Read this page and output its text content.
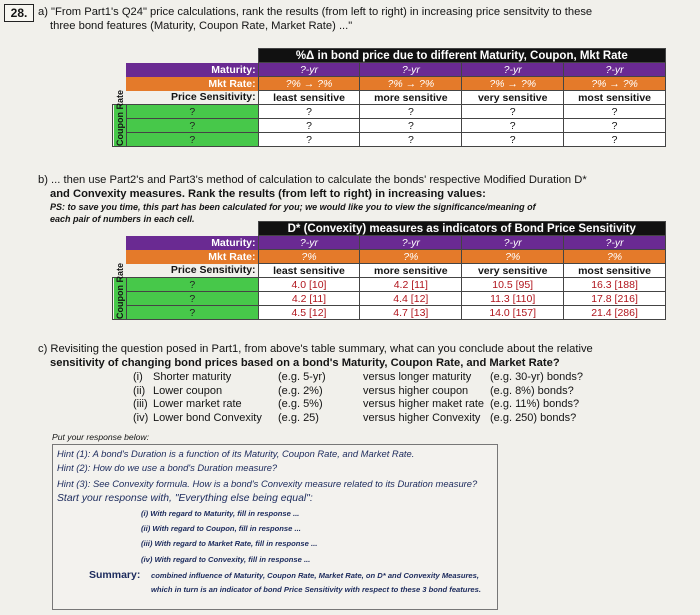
28. a) "From Part1's Q24" price calculations, rank the results (from left to right) in increasing price sensitvity to these
three bond features (Maturity, Coupon Rate, Market Rate) ..."
		%Δ in bond price due to different Maturity, Coupon, Mkt Rate			
	Maturity:	?-yr	?-yr	?-yr	?-yr
	Mkt Rate:	?% → ?%	?% → ?%	?% → ?%	?% → ?%
	Price Sensitivity:	least sensitive	more sensitive	very sensitive	most sensitive
Coupon Rate	?	?	?	?	?
	?	?	?	?	?
	?	?	?	?	?
b) ... then use Part2's and Part3's method of calculation to calculate the bonds' respective Modified Duration D*
and Convexity measures. Rank the results (from left to right) in increasing values:
PS: to save you time, this part has been calculated for you; we would like you to view the significance/meaning of
each pair of numbers in each cell.
		D* (Convexity) measures as indicators of Bond Price Sensitivity			
	Maturity:	?-yr	?-yr	?-yr	?-yr
	Mkt Rate:	?%	?%	?%	?%
	Price Sensitivity:	least sensitive	more sensitive	very sensitive	most sensitive
Coupon Rate	?	4.0 [10]	4.2 [11]	10.5 [95]	16.3 [188]
	?	4.2 [11]	4.4 [12]	11.3 [110]	17.8 [216]
	?	4.5 [12]	4.7 [13]	14.0 [157]	21.4 [286]
c) Revisiting the question posed in Part1, from above's table summary, what can you conclude about the relative
sensitivity of changing bond prices based on a bond's Maturity, Coupon Rate, and Market Rate?
(i) Shorter maturity	(e.g. 5-yr)	versus longer maturity	(e.g. 30-yr) bonds?
(ii) Lower coupon	(e.g. 2%)	versus higher coupon	(e.g. 8%) bonds?
(iii) Lower market rate	(e.g. 5%)	versus higher maket rate (e.g. 11%) bonds?
(iv) Lower bond Convexity	(e.g. 25)	versus higher Convexity (e.g. 250) bonds?
Put your response below:
Hint (1): A bond's Duration is a function of its Maturity, Coupon Rate, and Market Rate.
Hint (2): How do we use a bond's Duration measure?
Hint (3): See Convexity formula. How is a bond's Convexity measure related to its Duration measure?
Start your response with, "Everything else being equal":
(i) With regard to Maturity, fill in response ...
(ii) With regard to Coupon, fill in response ...
(iii) With regard to Market Rate, fill in response ...
(iv) With regard to Convexity, fill in response ...
Summary: combined influence of Maturity, Coupon Rate, Market Rate, on D* and Convexity Measures,
which in turn is an indicator of bond Price Sensitivity with respect to these 3 bond features.
